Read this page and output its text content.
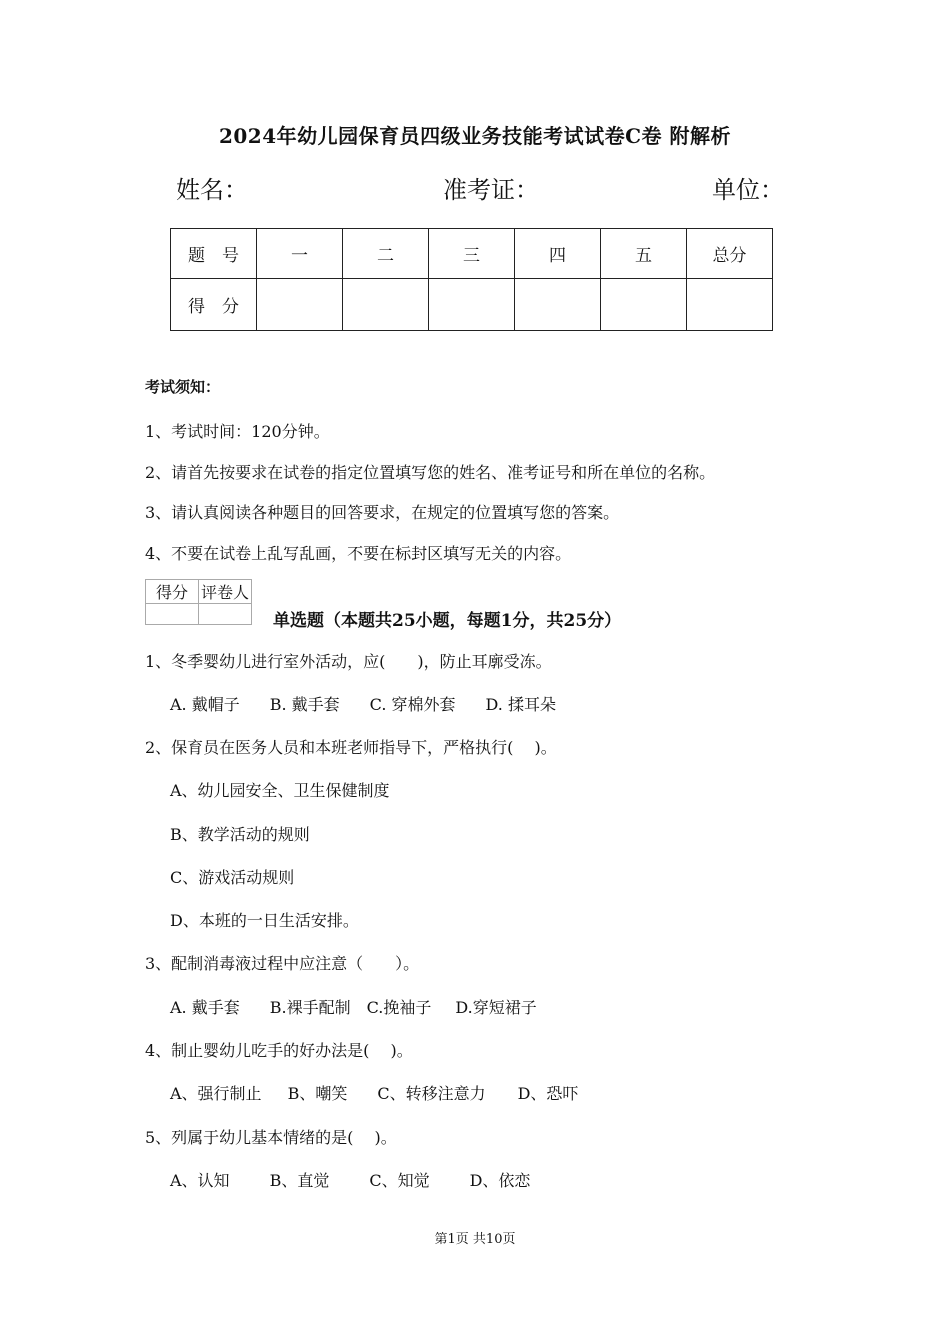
2024年幼儿园保育员四级业务技能考试试卷C卷 附解析
姓名：	准考证：	单位：
题　号	一	二	三	四	五	总分
得　分						
考试须知：
1、考试时间：120分钟。
2、请首先按要求在试卷的指定位置填写您的姓名、准考证号和所在单位的名称。
3、请认真阅读各种题目的回答要求，在规定的位置填写您的答案。
4、不要在试卷上乱写乱画，不要在标封区填写无关的内容。
得分	评卷人

单选题（本题共25小题，每题1分，共25分）
1、冬季婴幼儿进行室外活动，应(　　)，防止耳廓受冻。
A. 戴帽子 B. 戴手套 C. 穿棉外套 D. 揉耳朵
2、保育员在医务人员和本班老师指导下，严格执行(　 )。
A、幼儿园安全、卫生保健制度
B、教学活动的规则
C、游戏活动规则
D、本班的一日生活安排。
3、配制消毒液过程中应注意（　　）。
A. 戴手套 B.裸手配制 C.挽袖子 D.穿短裙子
4、制止婴幼儿吃手的好办法是(　 )。
A、强行制止 B、嘲笑 C、转移注意力 D、恐吓
5、列属于幼儿基本情绪的是(　 )。
A、认知	B、直觉	C、知觉	D、依恋
第1页 共10页
